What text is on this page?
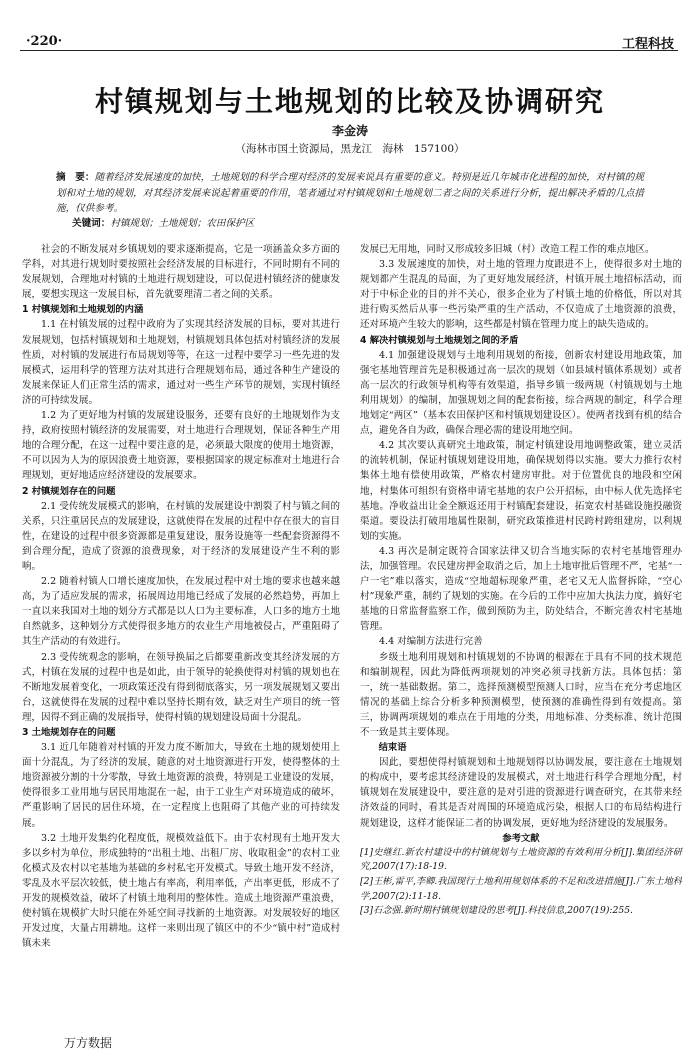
·220·	工程科技
村镇规划与土地规划的比较及协调研究
李金涛
（海林市国土资源局，黑龙江　海林　157100）
摘　要：随着经济发展速度的加快，土地规划的科学合理对经济的发展来说具有重要的意义。特别是近几年城市化进程的加快，对村镇的规划和对土地的规划，对其经济发展来说起着重要的作用，笔者通过对村镇规划和土地规划二者之间的关系进行分析，提出解决矛盾的几点措施，仅供参考。
关键词：村镇规划；土地规划；农田保护区

社会的不断发展对乡镇规划的要求逐渐提高，它是一项涵盖众多方面的学科，对其进行规划时要按照社会经济发展的目标进行，不同时期有不同的发展规划，合理地对村镇的土地进行规划建设，可以促进村镇经济的健康发展，要想实现这一发展目标，首先就要理清二者之间的关系。

1 村镇规划和土地规划的内涵

1.1 在村镇发展的过程中政府为了实现其经济发展的目标，要对其进行发展规划，包括村镇规划和土地规划，村镇规划具体包括对村镇经济的发展性质，对村镇的发展进行布局规划等等，在这一过程中要学习一些先进的发展模式，运用科学的管理方法对其进行合理规划布局，通过各种生产建设的发展来保证人们正常生活的需求，通过对一些生产环节的规划，实现村镇经济的可持续发展。

1.2 为了更好地为村镇的发展建设服务，还要有良好的土地规划作为支持，政府按照村镇经济的发展需要，对土地进行合理规划，保证各种生产用地的合理分配，在这一过程中要注意的是，必须最大限度的使用土地资源，不可以因为人为的原因浪费土地资源，要根据国家的规定标准对土地进行合理规划，更好地适应经济建设的发展要求。

2 村镇规划存在的问题

2.1 受传统发展模式的影响，在村镇的发展建设中割裂了村与镇之间的关系，只注重居民点的发展建设，这就使得在发展的过程中存在很大的盲目性，在建设的过程中很多资源都是重复建设，服务设施等一些配套资源得不到合理分配，造成了资源的浪费现象，对于经济的发展建设产生不利的影响。

2.2 随着村镇人口增长速度加快，在发展过程中对土地的要求也越来越高，为了适应发展的需求，拓展周边用地已经成了发展的必然趋势，再加上一直以来我国对土地的划分方式都是以人口为主要标准，人口多的地方土地自然就多，这种划分方式使得很多地方的农业生产用地被侵占，严重阻碍了其生产活动的有效进行。

2.3 受传统观念的影响，在领导换届之后都要重新改变其经济发展的方式，村镇在发展的过程中也是如此，由于领导的轮换使得对村镇的规划也在不断地发展着变化，一项政策还没有得到彻底落实，另一项发展规划又要出台，这就使得在发展的过程中难以坚持长期有效，缺乏对生产项目的统一管理，因得不到正确的发展指导，使得村镇的规划建设局面十分混乱。

3 土地规划存在的问题

3.1 近几年随着对村镇的开发力度不断加大，导致在土地的规划使用上面十分混乱，为了经济的发展，随意的对土地资源进行开发，使得整体的土地资源被分割的十分零散，导致土地资源的浪费，特别是工业建设的发展，使得很多工业用地与居民用地混在一起，由于工业生产对环境造成的破坏，严重影响了居民的居住环境，在一定程度上也阻碍了其他产业的可持续发展。

3.2 土地开发集约化程度低，规模效益低下。由于农村现有土地开发大多以乡村为单位，形成独特的“出租土地、出租厂房、收取租金”的农村工业化模式及农村以宅基地为基础的乡村私宅开发模式。导致土地开发不经济，零乱及水平层次较低，使土地占有率高，利用率低，产出率更低，形成不了开发的规模效益，破坏了村镇土地利用的整体性。造成土地资源严重浪费，使村镇在规模扩大时只能在外延空间寻找新的土地资源。对发展较好的地区开发过度，大量占用耕地。这样一来则出现了镇区中的不少“镇中村”造成村镇未来

发展已无用地，同时又形成较多旧城（村）改造工程工作的难点地区。

3.3 发展速度的加快，对土地的管理力度跟进不上，使得很多对土地的规划都产生混乱的局面，为了更好地发展经济，村镇开展土地招标活动，而对于中标企业的目的并不关心，很多企业为了村镇土地的价格低，所以对其进行购买然后从事一些污染严重的生产活动，不仅造成了土地资源的浪费，还对环境产生较大的影响，这些都是村镇在管理力度上的缺失造成的。

4 解决村镇规划与土地规划之间的矛盾

4.1 加强建设规划与土地利用规划的衔接，创新农村建设用地政策，加强宅基地管理首先是积极通过高一层次的规划（如县域村镇体系规划）或者高一层次的行政领导机构等有效渠道，指导乡镇一级两规（村镇规划与土地利用规划）的编制，加强规划之间的配套衔接，综合两规的制定，科学合理地划定“两区”（基本农田保护区和村镇规划建设区）。使两者找到有机的结合点，避免各自为政，确保合理必需的建设用地空间。

4.2 其次要认真研究土地政策，制定村镇建设用地调整政策，建立灵活的流转机制，保证村镇规划建设用地，确保规划得以实施。要大力推行农村集体土地有偿使用政策，严格农村建房审批。对于位置优良的地段和空闲地，村集体可组织有资格申请宅基地的农户公开招标，由中标人优先选择宅基地。净收益出让金全额返还用于村镇配套建设，拓宽农村基础设施投融资渠道。要设法打破用地属性限制，研究政策推进村民跨村跨组建房，以利规划的实施。

4.3 再次是制定既符合国家法律又切合当地实际的农村宅基地管理办法，加强管理。农民建房押金取消之后，加上土地审批后管理不严，宅基“一户一宅”难以落实，造成“空地超标现象严重，老宅又无人监督拆除，“空心村”现象严重，制约了规划的实施。在今后的工作中应加大执法力度，搞好宅基地的日常监督监察工作，做到预防为主，防处结合，不断完善农村宅基地管理。

4.4 对编制方法进行完善

乡级土地利用规划和村镇规划的不协调的根源在于具有不同的技术规范和编制规程，因此为降低两项规划的冲突必须寻找新方法。具体包括：第一，统一基础数据。第二，选择预测模型预测人口时，应当在充分考虑地区情况的基础上综合分析多种预测模型，使预测的准确性得到有效提高。第三，协调两项规划的难点在于用地的分类，用地标准、分类标准、统计范围不一致是其主要体现。

结束语

因此，要想使得村镇规划和土地规划得以协调发展，要注意在土地规划的构成中，要考虑其经济建设的发展模式，对土地进行科学合理地分配，村镇规划在发展建设中，要注意的是对引进的资源进行调查研究，在其带来经济效益的同时，看其是否对周围的环境造成污染，根据人口的布局结构进行规划建设，这样才能保证二者的协调发展，更好地为经济建设的发展服务。

参考文献

[1]史继红.新农村建设中的村镇规划与土地资源的有效利用分析[J].集团经济研究,2007(17):18-19.

[2]王彬,雷平,李卿.我国现行土地利用规划体系的不足和改进措施[J].广东土地科学,2007(2):11-18.

[3]石念强.新时期村镇规划建设的思考[J].科技信息,2007(19):255.

万方数据
